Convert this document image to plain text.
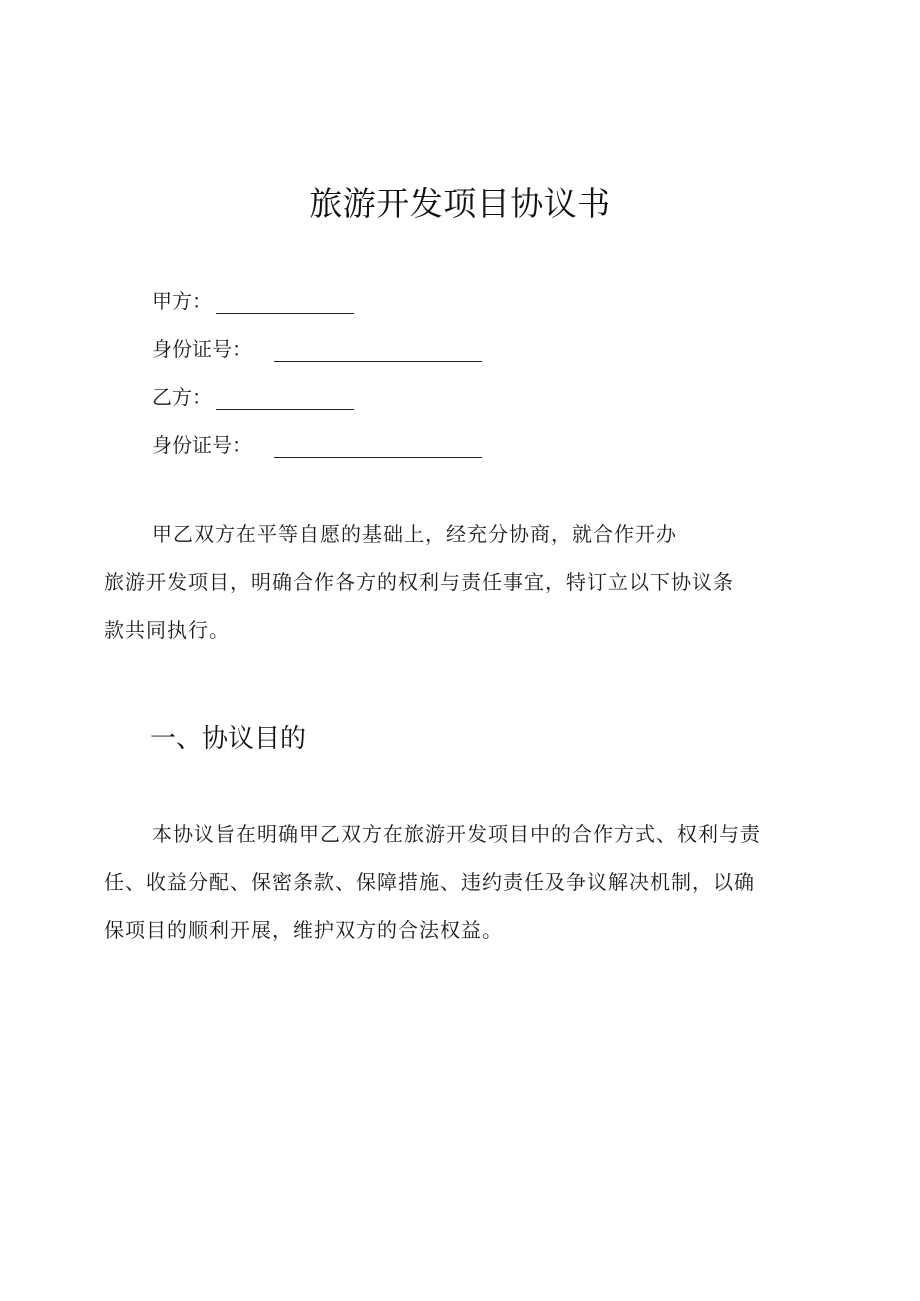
旅游开发项目协议书
甲方：
身份证号：
乙方：
身份证号：
甲乙双方在平等自愿的基础上，经充分协商，就合作开办
旅游开发项目，明确合作各方的权利与责任事宜，特订立以下协议条
款共同执行。
一、协议目的
本协议旨在明确甲乙双方在旅游开发项目中的合作方式、权利与责
任、收益分配、保密条款、保障措施、违约责任及争议解决机制，以确
保项目的顺利开展，维护双方的合法权益。
